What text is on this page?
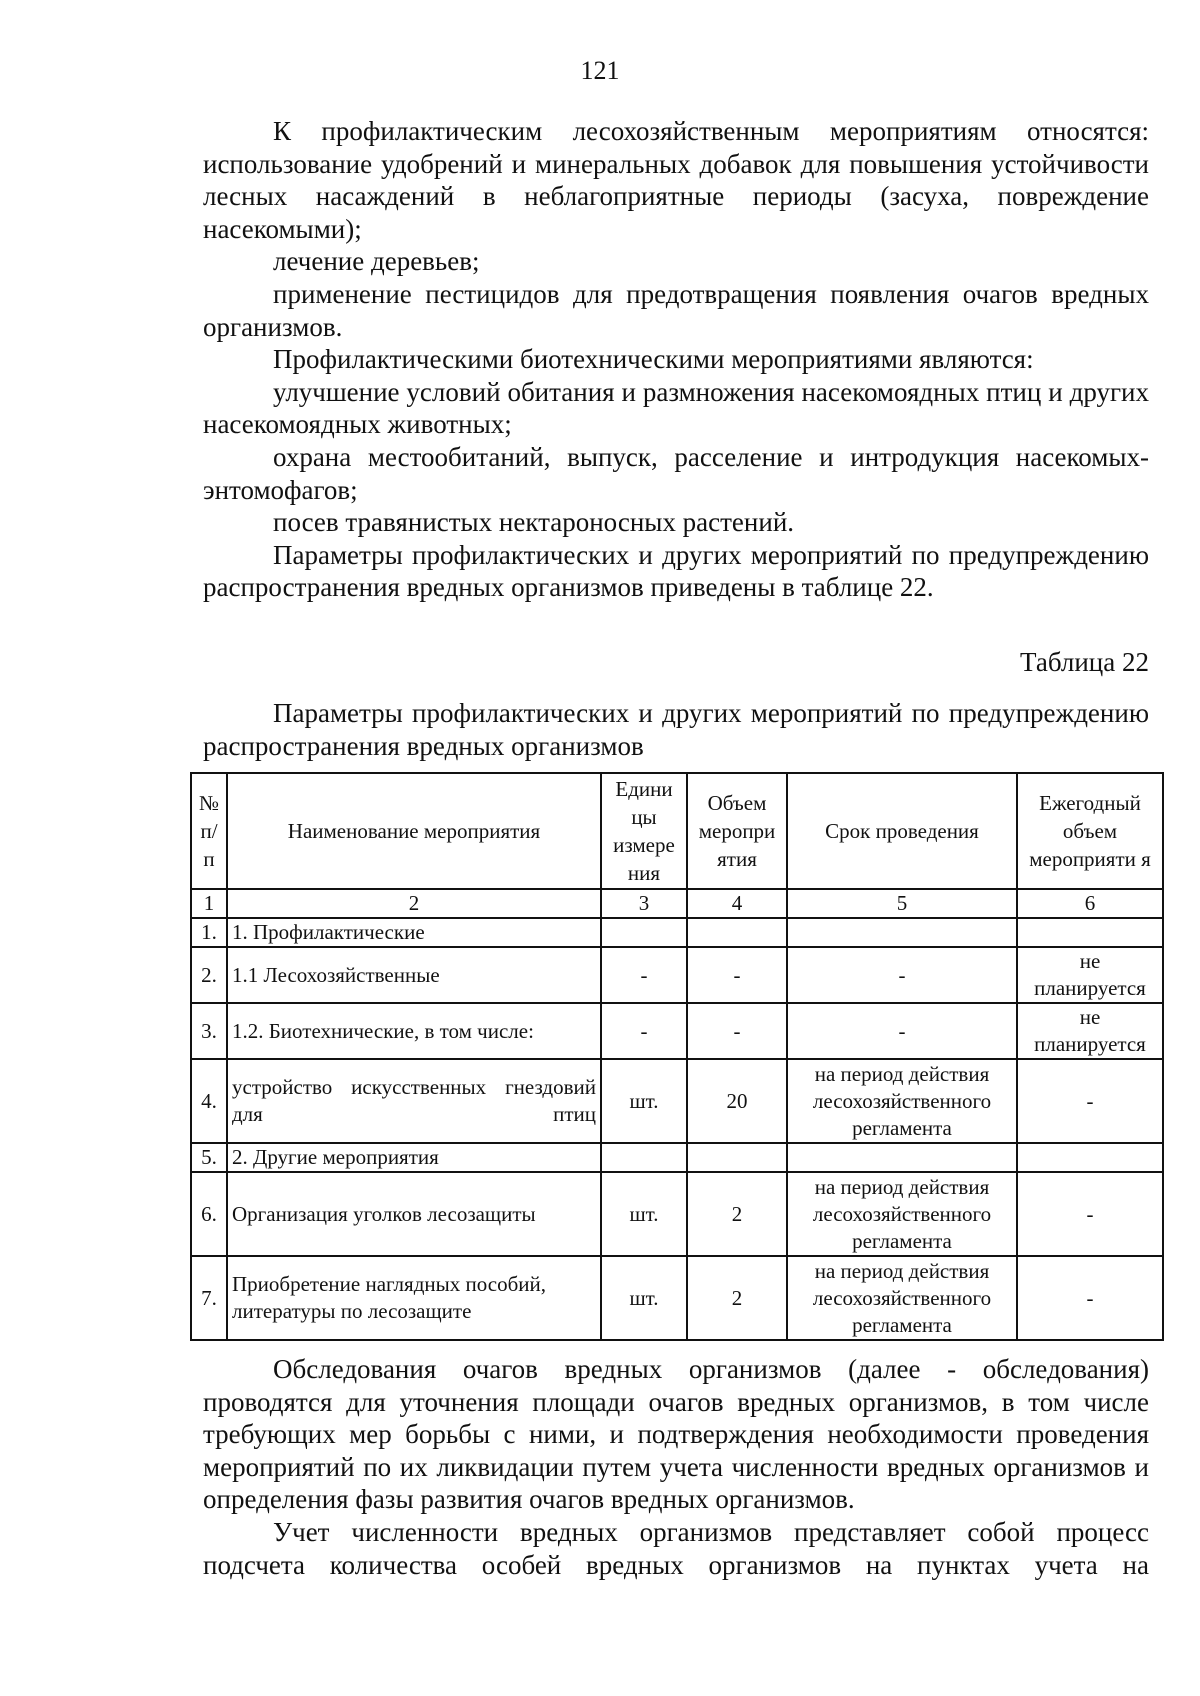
121

К профилактическим лесохозяйственным мероприятиям относятся: использование удобрений и минеральных добавок для повышения устойчивости лесных насаждений в неблагоприятные периоды (засуха, повреждение насекомыми);

лечение деревьев;

применение пестицидов для предотвращения появления очагов вредных организмов.

Профилактическими биотехническими мероприятиями являются:

улучшение условий обитания и размножения насекомоядных птиц и других насекомоядных животных;

охрана местообитаний, выпуск, расселение и интродукция насекомых-энтомофагов;

посев травянистых нектароносных растений.

Параметры профилактических и других мероприятий по предупреждению распространения вредных организмов приведены в таблице 22.

Таблица 22

Параметры профилактических и других мероприятий по предупреждению распространения вредных организмов

№ п/п	Наименование мероприятия	Едини цы измере ния	Объем меропри ятия	Срок проведения	Ежегодный объем мероприяти я
1	2	3	4	5	6
1.	1. Профилактические				
2.	1.1 Лесохозяйственные	-	-	-	не планируется
3.	1.2. Биотехнические, в том числе:	-	-	-	не планируется
4.	устройство искусственных гнездовий для птиц	шт.	20	на период действия лесохозяйственного регламента	-
5.	2. Другие мероприятия				
6.	Организация уголков лесозащиты	шт.	2	на период действия лесохозяйственного регламента	-
7.	Приобретение наглядных пособий, литературы по лесозащите	шт.	2	на период действия лесохозяйственного регламента	-

Обследования очагов вредных организмов (далее - обследования) проводятся для уточнения площади очагов вредных организмов, в том числе требующих мер борьбы с ними, и подтверждения необходимости проведения мероприятий по их ликвидации путем учета численности вредных организмов и определения фазы развития очагов вредных организмов.

Учет численности вредных организмов представляет собой процесс подсчета количества особей вредных организмов на пунктах учета на
